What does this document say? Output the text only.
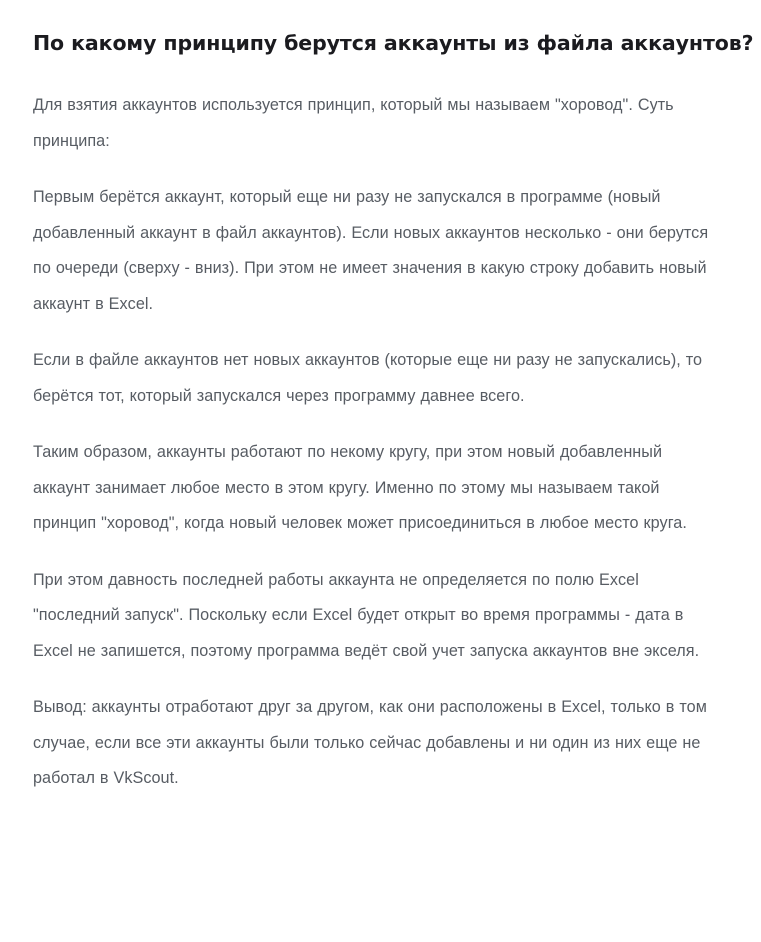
По какому принципу берутся аккаунты из файла аккаунтов?

Для взятия аккаунтов используется принцип, который мы называем "хоровод". Суть принципа:

Первым берётся аккаунт, который еще ни разу не запускался в программе (новый добавленный аккаунт в файл аккаунтов). Если новых аккаунтов несколько - они берутся по очереди (сверху - вниз). При этом не имеет значения в какую строку добавить новый аккаунт в Excel.

Если в файле аккаунтов нет новых аккаунтов (которые еще ни разу не запускались), то берётся тот, который запускался через программу давнее всего.

Таким образом, аккаунты работают по некому кругу, при этом новый добавленный аккаунт занимает любое место в этом кругу. Именно по этому мы называем такой принцип "хоровод", когда новый человек может присоединиться в любое место круга.

При этом давность последней работы аккаунта не определяется по полю Excel "последний запуск". Поскольку если Excel будет открыт во время программы - дата в Excel не запишется, поэтому программа ведёт свой учет запуска аккаунтов вне экселя.

Вывод: аккаунты отработают друг за другом, как они расположены в Excel, только в том случае, если все эти аккаунты были только сейчас добавлены и ни один из них еще не работал в VkScout.
